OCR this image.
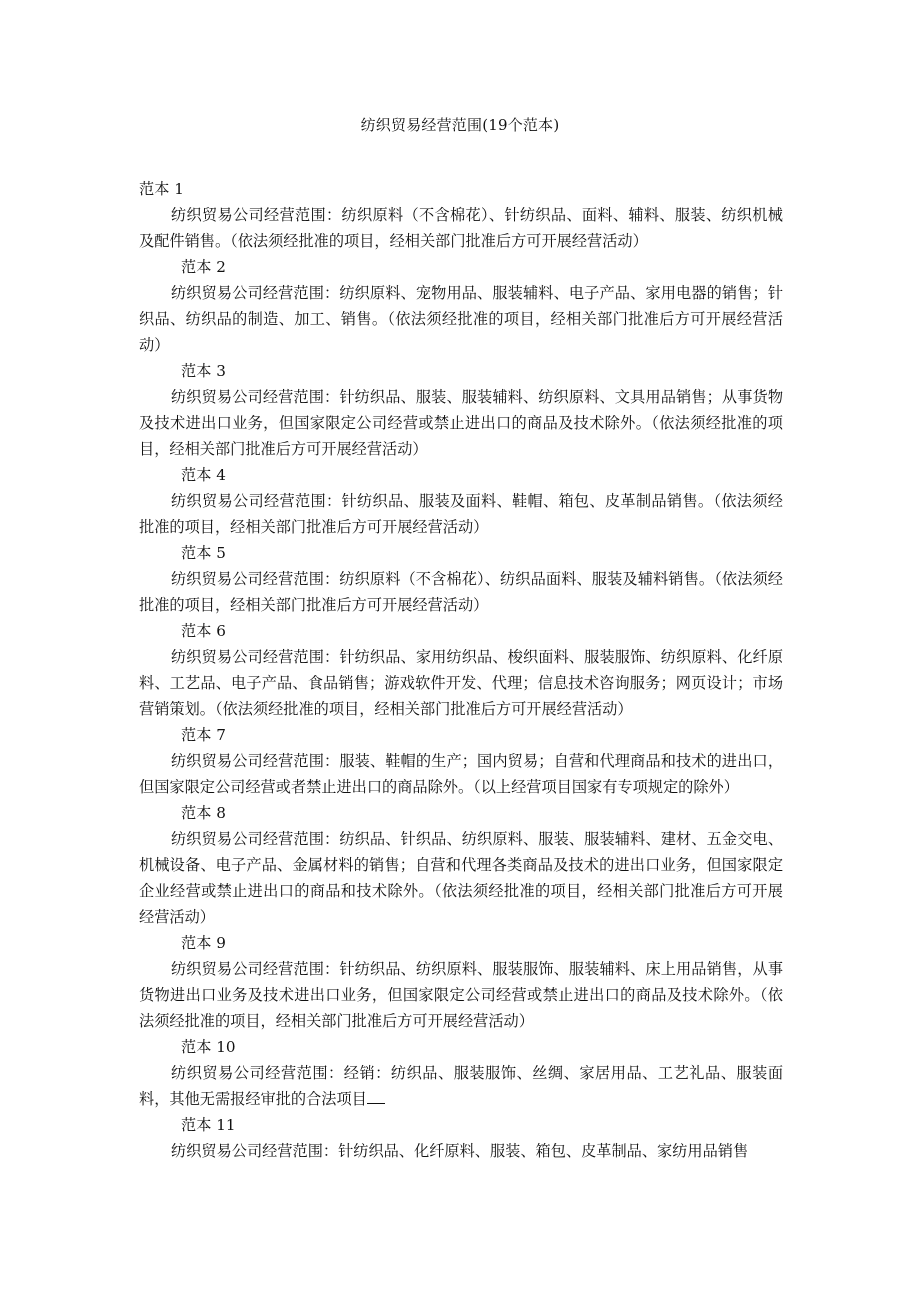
纺织贸易经营范围(19个范本)

范本 1

纺织贸易公司经营范围：纺织原料（不含棉花）、针纺织品、面料、辅料、服装、纺织机械及配件销售。（依法须经批准的项目，经相关部门批准后方可开展经营活动）

范本 2

纺织贸易公司经营范围：纺织原料、宠物用品、服装辅料、电子产品、家用电器的销售；针织品、纺织品的制造、加工、销售。（依法须经批准的项目，经相关部门批准后方可开展经营活动）

范本 3

纺织贸易公司经营范围：针纺织品、服装、服装辅料、纺织原料、文具用品销售；从事货物及技术进出口业务，但国家限定公司经营或禁止进出口的商品及技术除外。（依法须经批准的项目，经相关部门批准后方可开展经营活动）

范本 4

纺织贸易公司经营范围：针纺织品、服装及面料、鞋帽、箱包、皮革制品销售。（依法须经批准的项目，经相关部门批准后方可开展经营活动）

范本 5

纺织贸易公司经营范围：纺织原料（不含棉花）、纺织品面料、服装及辅料销售。（依法须经批准的项目，经相关部门批准后方可开展经营活动）

范本 6

纺织贸易公司经营范围：针纺织品、家用纺织品、梭织面料、服装服饰、纺织原料、化纤原料、工艺品、电子产品、食品销售；游戏软件开发、代理；信息技术咨询服务；网页设计；市场营销策划。（依法须经批准的项目，经相关部门批准后方可开展经营活动）

范本 7

纺织贸易公司经营范围：服装、鞋帽的生产；国内贸易；自营和代理商品和技术的进出口，但国家限定公司经营或者禁止进出口的商品除外。（以上经营项目国家有专项规定的除外）

范本 8

纺织贸易公司经营范围：纺织品、针织品、纺织原料、服装、服装辅料、建材、五金交电、机械设备、电子产品、金属材料的销售；自营和代理各类商品及技术的进出口业务，但国家限定企业经营或禁止进出口的商品和技术除外。（依法须经批准的项目，经相关部门批准后方可开展经营活动）

范本 9

纺织贸易公司经营范围：针纺织品、纺织原料、服装服饰、服装辅料、床上用品销售，从事货物进出口业务及技术进出口业务，但国家限定公司经营或禁止进出口的商品及技术除外。（依法须经批准的项目，经相关部门批准后方可开展经营活动）

范本 10

纺织贸易公司经营范围：经销：纺织品、服装服饰、丝绸、家居用品、工艺礼品、服装面料，其他无需报经审批的合法项目

范本 11

纺织贸易公司经营范围：针纺织品、化纤原料、服装、箱包、皮革制品、家纺用品销售
